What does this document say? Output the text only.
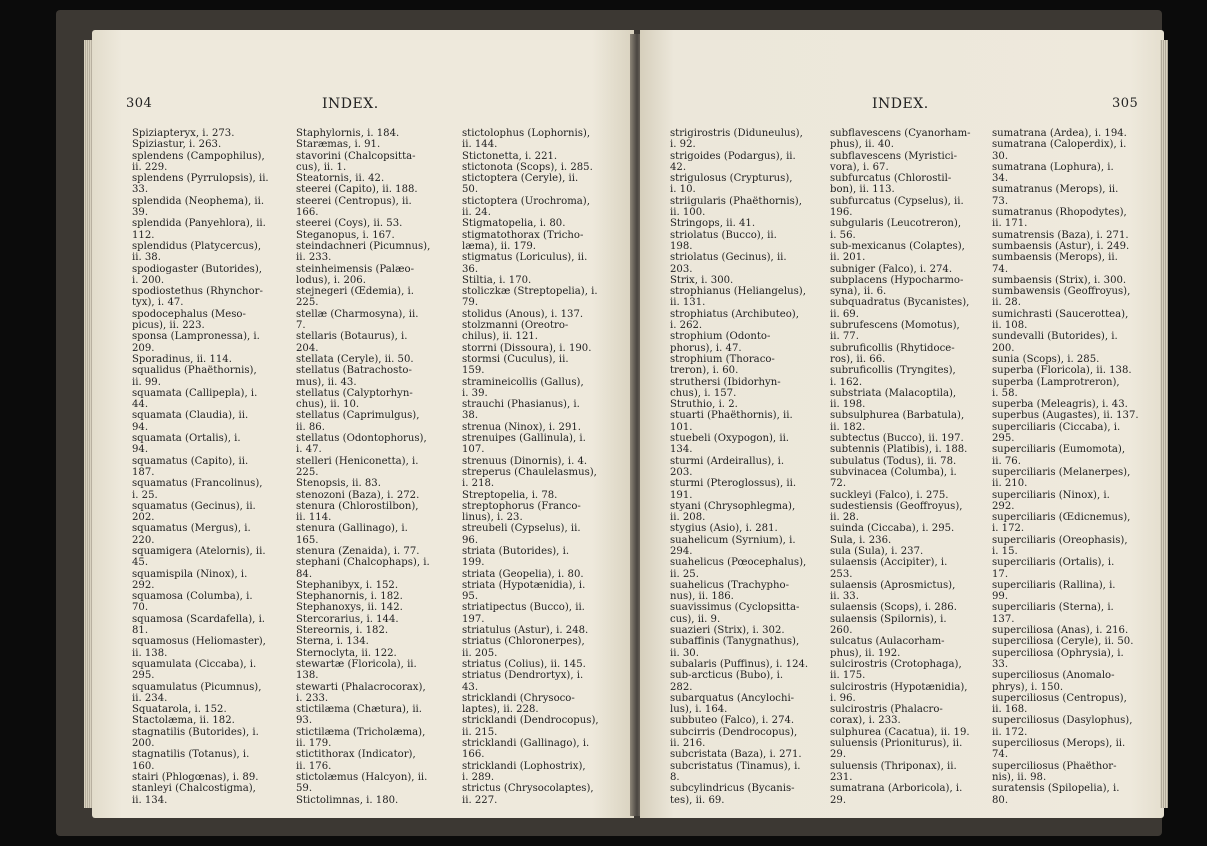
304	INDEX.
Spiziapteryx, i. 273.
Spiziastur, i. 263.
splendens (Campophilus),
ii. 229.
splendens (Pyrrulopsis), ii.
33.
splendida (Neophema), ii.
39.
splendida (Panyehlora), ii.
112.
splendidus (Platycercus),
ii. 38.
spodiogaster (Butorides),
i. 200.
spodiostethus (Rhynchor-
tyx), i. 47.
spodocephalus (Meso-
picus), ii. 223.
sponsa (Lampronessa), i.
209.
Sporadinus, ii. 114.
squalidus (Phaëthornis),
ii. 99.
squamata (Callipepla), i.
44.
squamata (Claudia), ii.
94.
squamata (Ortalis), i.
94.
squamatus (Capito), ii.
187.
squamatus (Francolinus),
i. 25.
squamatus (Gecinus), ii.
202.
squamatus (Mergus), i.
220.
squamigera (Atelornis), ii.
45.
squamispila (Ninox), i.
292.
squamosa (Columba), i.
70.
squamosa (Scardafella), i.
81.
squamosus (Heliomaster),
ii. 138.
squamulata (Ciccaba), i.
295.
squamulatus (Picumnus),
ii. 234.
Squatarola, i. 152.
Stactolæma, ii. 182.
stagnatilis (Butorides), i.
200.
stagnatilis (Totanus), i.
160.
stairi (Phlogœnas), i. 89.
stanleyi (Chalcostigma),
ii. 134.
Staphylornis, i. 184.
Staræmas, i. 91.
stavorini (Chalcopsitta-
cus), ii. 1.
Steatornis, ii. 42.
steerei (Capito), ii. 188.
steerei (Centropus), ii.
166.
steerei (Coys), ii. 53.
Steganopus, i. 167.
steindachneri (Picumnus),
ii. 233.
steinheimensis (Palæo-
lodus), i. 206.
stejnegeri (Œdemia), i.
225.
stellæ (Charmosyna), ii.
7.
stellaris (Botaurus), i.
204.
stellata (Ceryle), ii. 50.
stellatus (Batrachosto-
mus), ii. 43.
stellatus (Calyptorhyn-
chus), ii. 10.
stellatus (Caprimulgus),
ii. 86.
stellatus (Odontophorus),
i. 47.
stelleri (Heniconetta), i.
225.
Stenopsis, ii. 83.
stenozoni (Baza), i. 272.
stenura (Chlorostilbon),
ii. 114.
stenura (Gallinago), i.
165.
stenura (Zenaida), i. 77.
stephani (Chalcophaps), i.
84.
Stephanibyx, i. 152.
Stephanornis, i. 182.
Stephanoxys, ii. 142.
Stercorarius, i. 144.
Stereornis, i. 182.
Sterna, i. 134.
Sternoclyta, ii. 122.
stewartæ (Floricola), ii.
138.
stewarti (Phalacrocorax),
i. 233.
stictilæma (Chætura), ii.
93.
stictilæma (Tricholæma),
ii. 179.
stictithorax (Indicator),
ii. 176.
stictolæmus (Halcyon), ii.
59.
Stictolimnas, i. 180.
stictolophus (Lophornis),
ii. 144.
Stictonetta, i. 221.
stictonota (Scops), i. 285.
stictoptera (Ceryle), ii.
50.
stictoptera (Urochroma),
ii. 24.
Stigmatopelia, i. 80.
stigmatothorax (Tricho-
læma), ii. 179.
stigmatus (Loriculus), ii.
36.
Stiltia, i. 170.
stoliczkæ (Streptopelia), i.
79.
stolidus (Anous), i. 137.
stolzmanni (Oreotro-
chilus), ii. 121.
storrni (Dissoura), i. 190.
stormsi (Cuculus), ii.
159.
stramineicollis (Gallus),
i. 39.
strauchi (Phasianus), i.
38.
strenua (Ninox), i. 291.
strenuipes (Gallinula), i.
107.
strenuus (Dinornis), i. 4.
streperus (Chaulelasmus),
i. 218.
Streptopelia, i. 78.
streptophorus (Franco-
linus), i. 23.
streubeli (Cypselus), ii.
96.
striata (Butorides), i.
199.
striata (Geopelia), i. 80.
striata (Hypotænidia), i.
95.
striatipectus (Bucco), ii.
197.
striatulus (Astur), i. 248.
striatus (Chloronerpes),
ii. 205.
striatus (Colius), ii. 145.
striatus (Dendrortyx), i.
43.
stricklandi (Chrysoco-
laptes), ii. 228.
stricklandi (Dendrocopus),
ii. 215.
stricklandi (Gallinago), i.
166.
stricklandi (Lophostrix),
i. 289.
strictus (Chrysocolaptes),
ii. 227.
INDEX.	305
strigirostris (Diduneulus),
i. 92.
strigoides (Podargus), ii.
42.
strigulosus (Crypturus),
i. 10.
striigularis (Phaëthornis),
ii. 100.
Stringops, ii. 41.
striolatus (Bucco), ii.
198.
striolatus (Gecinus), ii.
203.
Strix, i. 300.
strophianus (Heliangelus),
ii. 131.
strophiatus (Archibuteo),
i. 262.
strophium (Odonto-
phorus), i. 47.
strophium (Thoraco-
treron), i. 60.
struthersi (Ibidorhyn-
chus), i. 157.
Struthio, i. 2.
stuarti (Phaëthornis), ii.
101.
stuebeli (Oxypogon), ii.
134.
sturmi (Ardeirallus), i.
203.
sturmi (Pteroglossus), ii.
191.
styani (Chrysophlegma),
ii. 208.
stygius (Asio), i. 281.
suahelicum (Syrnium), i.
294.
suahelicus (Pœocephalus),
ii. 25.
suahelicus (Trachypho-
nus), ii. 186.
suavissimus (Cyclopsitta-
cus), ii. 9.
suazieri (Strix), i. 302.
subaffinis (Tanygnathus),
ii. 30.
subalaris (Puffinus), i. 124.
sub-arcticus (Bubo), i.
282.
subarquatus (Ancylochi-
lus), i. 164.
subbuteo (Falco), i. 274.
subcirris (Dendrocopus),
ii. 216.
subcristata (Baza), i. 271.
subcristatus (Tinamus), i.
8.
subcylindricus (Bycanis-
tes), ii. 69.
subflavescens (Cyanorham-
phus), ii. 40.
subflavescens (Myristici-
vora), i. 67.
subfurcatus (Chlorostil-
bon), ii. 113.
subfurcatus (Cypselus), ii.
196.
subgularis (Leucotreron),
i. 56.
sub-mexicanus (Colaptes),
ii. 201.
subniger (Falco), i. 274.
subplacens (Hypocharmo-
syna), ii. 6.
subquadratus (Bycanistes),
ii. 69.
subrufescens (Momotus),
ii. 77.
subruficollis (Rhytidoce-
ros), ii. 66.
subruficollis (Tryngites),
i. 162.
substriata (Malacoptila),
ii. 198.
subsulphurea (Barbatula),
ii. 182.
subtectus (Bucco), ii. 197.
subtennis (Platibis), i. 188.
subulatus (Todus), ii. 78.
subvinacea (Columba), i.
72.
suckleyi (Falco), i. 275.
sudestiensis (Geoffroyus),
ii. 28.
suinda (Ciccaba), i. 295.
Sula, i. 236.
sula (Sula), i. 237.
sulaensis (Accipiter), i.
253.
sulaensis (Aprosmictus),
ii. 33.
sulaensis (Scops), i. 286.
sulaensis (Spilornis), i.
260.
sulcatus (Aulacorham-
phus), ii. 192.
sulcirostris (Crotophaga),
ii. 175.
sulcirostris (Hypotænidia),
i. 96.
sulcirostris (Phalacro-
corax), i. 233.
sulphurea (Cacatua), ii. 19.
suluensis (Prioniturus), ii.
29.
suluensis (Thriponax), ii.
231.
sumatrana (Arboricola), i.
29.
sumatrana (Ardea), i. 194.
sumatrana (Caloperdix), i.
30.
sumatrana (Lophura), i.
34.
sumatranus (Merops), ii.
73.
sumatranus (Rhopodytes),
ii. 171.
sumatrensis (Baza), i. 271.
sumbaensis (Astur), i. 249.
sumbaensis (Merops), ii.
74.
sumbaensis (Strix), i. 300.
sumbawensis (Geoffroyus),
ii. 28.
sumichrasti (Saucerottea),
ii. 108.
sundevalli (Butorides), i.
200.
sunia (Scops), i. 285.
superba (Floricola), ii. 138.
superba (Lamprotreron),
i. 58.
superba (Meleagris), i. 43.
superbus (Augastes), ii. 137.
superciliaris (Ciccaba), i.
295.
superciliaris (Eumomota),
ii. 76.
superciliaris (Melanerpes),
ii. 210.
superciliaris (Ninox), i.
292.
superciliaris (Œdicnemus),
i. 172.
superciliaris (Oreophasis),
i. 15.
superciliaris (Ortalis), i.
17.
superciliaris (Rallina), i.
99.
superciliaris (Sterna), i.
137.
superciliosa (Anas), i. 216.
superciliosa (Ceryle), ii. 50.
superciliosa (Ophrysia), i.
33.
superciliosus (Anomalo-
phrys), i. 150.
superciliosus (Centropus),
ii. 168.
superciliosus (Dasylophus),
ii. 172.
superciliosus (Merops), ii.
74.
superciliosus (Phaëthor-
nis), ii. 98.
suratensis (Spilopelia), i.
80.
